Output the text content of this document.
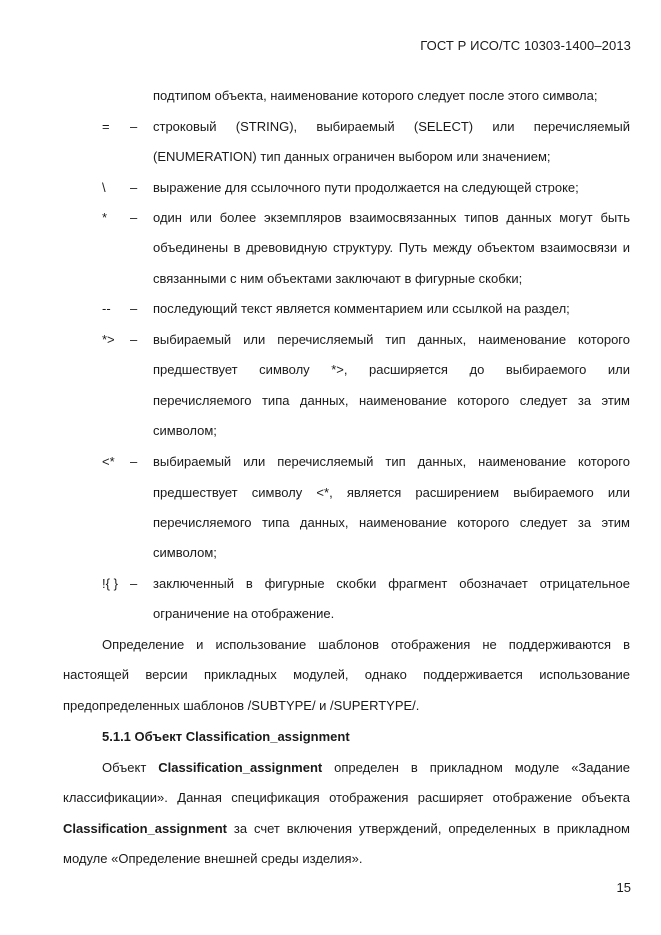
ГОСТ Р ИСО/ТС 10303-1400–2013
подтипом объекта, наименование которого следует после этого символа;
= – строковый (STRING), выбираемый (SELECT) или перечисляемый
(ENUMERATION) тип данных ограничен выбором или значением;
\ – выражение для ссылочного пути продолжается на следующей строке;
* – один или более экземпляров взаимосвязанных типов данных могут быть
объединены в древовидную структуру. Путь между объектом взаимосвязи и
связанными с ним объектами заключают в фигурные скобки;
-- – последующий текст является комментарием или ссылкой на раздел;
*> – выбираемый или перечисляемый тип данных, наименование которого
предшествует символу *>, расширяется до выбираемого или
перечисляемого типа данных, наименование которого следует за этим
символом;
<* – выбираемый или перечисляемый тип данных, наименование которого
предшествует символу <*, является расширением выбираемого или
перечисляемого типа данных, наименование которого следует за этим
символом;
!{ } – заключенный в фигурные скобки фрагмент обозначает отрицательное
ограничение на отображение.
Определение и использование шаблонов отображения не поддерживаются в
настоящей версии прикладных модулей, однако поддерживается использование
предопределенных шаблонов /SUBTYPE/ и /SUPERTYPE/.
5.1.1 Объект Classification_assignment
Объект Classification_assignment определен в прикладном модуле «Задание
классификации». Данная спецификация отображения расширяет отображение объекта
Classification_assignment за счет включения утверждений, определенных в прикладном
модуле «Определение внешней среды изделия».
15
